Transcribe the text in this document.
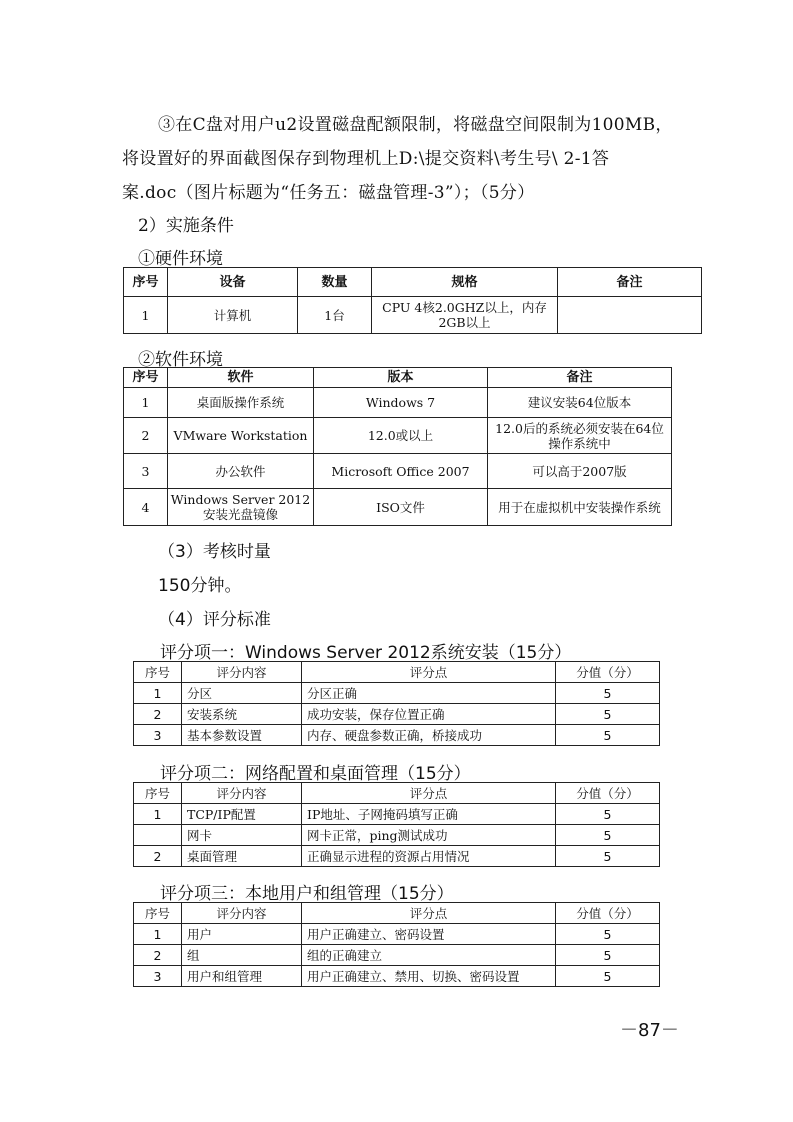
③在C盘对用户u2设置磁盘配额限制，将磁盘空间限制为100MB，
将设置好的界面截图保存到物理机上D:\提交资料\考生号\ 2-1答
案.doc（图片标题为“任务五：磁盘管理-3”）；（5分）
2）实施条件
①硬件环境
序号	设备	数量	规格	备注
1	计算机	1台	CPU 4核2.0GHZ以上，内存2GB以上	
②软件环境
序号	软件	版本	备注
1	桌面版操作系统	Windows 7	建议安装64位版本
2	VMware Workstation	12.0或以上	12.0后的系统必须安装在64位操作系统中
3	办公软件	Microsoft Office 2007	可以高于2007版
4	Windows Server 2012安装光盘镜像	ISO文件	用于在虚拟机中安装操作系统
（3）考核时量
150分钟。
（4）评分标准
评分项一：Windows Server 2012系统安装（15分）
序号	评分内容	评分点	分值（分）
1	分区	分区正确	5
2	安装系统	成功安装，保存位置正确	5
3	基本参数设置	内存、硬盘参数正确，桥接成功	5
评分项二：网络配置和桌面管理（15分）
序号	评分内容	评分点	分值（分）
1	TCP/IP配置	IP地址、子网掩码填写正确	5
	网卡	网卡正常，ping测试成功	5
2	桌面管理	正确显示进程的资源占用情况	5
评分项三：本地用户和组管理（15分）
序号	评分内容	评分点	分值（分）
1	用户	用户正确建立、密码设置	5
2	组	组的正确建立	5
3	用户和组管理	用户正确建立、禁用、切换、密码设置	5
－87－
